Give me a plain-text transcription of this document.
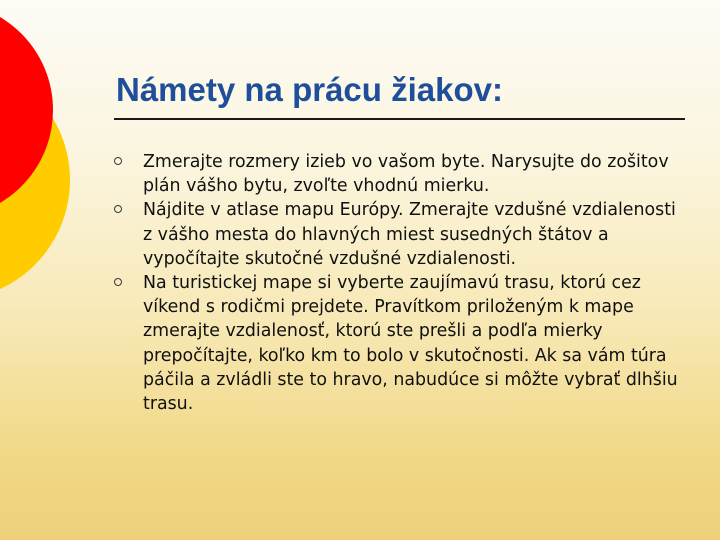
Námety na prácu žiakov:
Zmerajte rozmery izieb vo vašom byte. Narysujte do zošitov plán vášho bytu, zvoľte vhodnú mierku.
Nájdite v atlase mapu Európy. Zmerajte vzdušné vzdialenosti z vášho mesta do hlavných miest susedných štátov a vypočítajte skutočné vzdušné vzdialenosti.
Na turistickej mape si vyberte zaujímavú trasu, ktorú cez víkend s rodičmi prejdete. Pravítkom priloženým k mape zmerajte vzdialenosť, ktorú ste prešli a podľa mierky prepočítajte, koľko km to bolo v skutočnosti. Ak sa vám túra páčila a zvládli ste to hravo, nabudúce si môžte vybrať dlhšiu trasu.
